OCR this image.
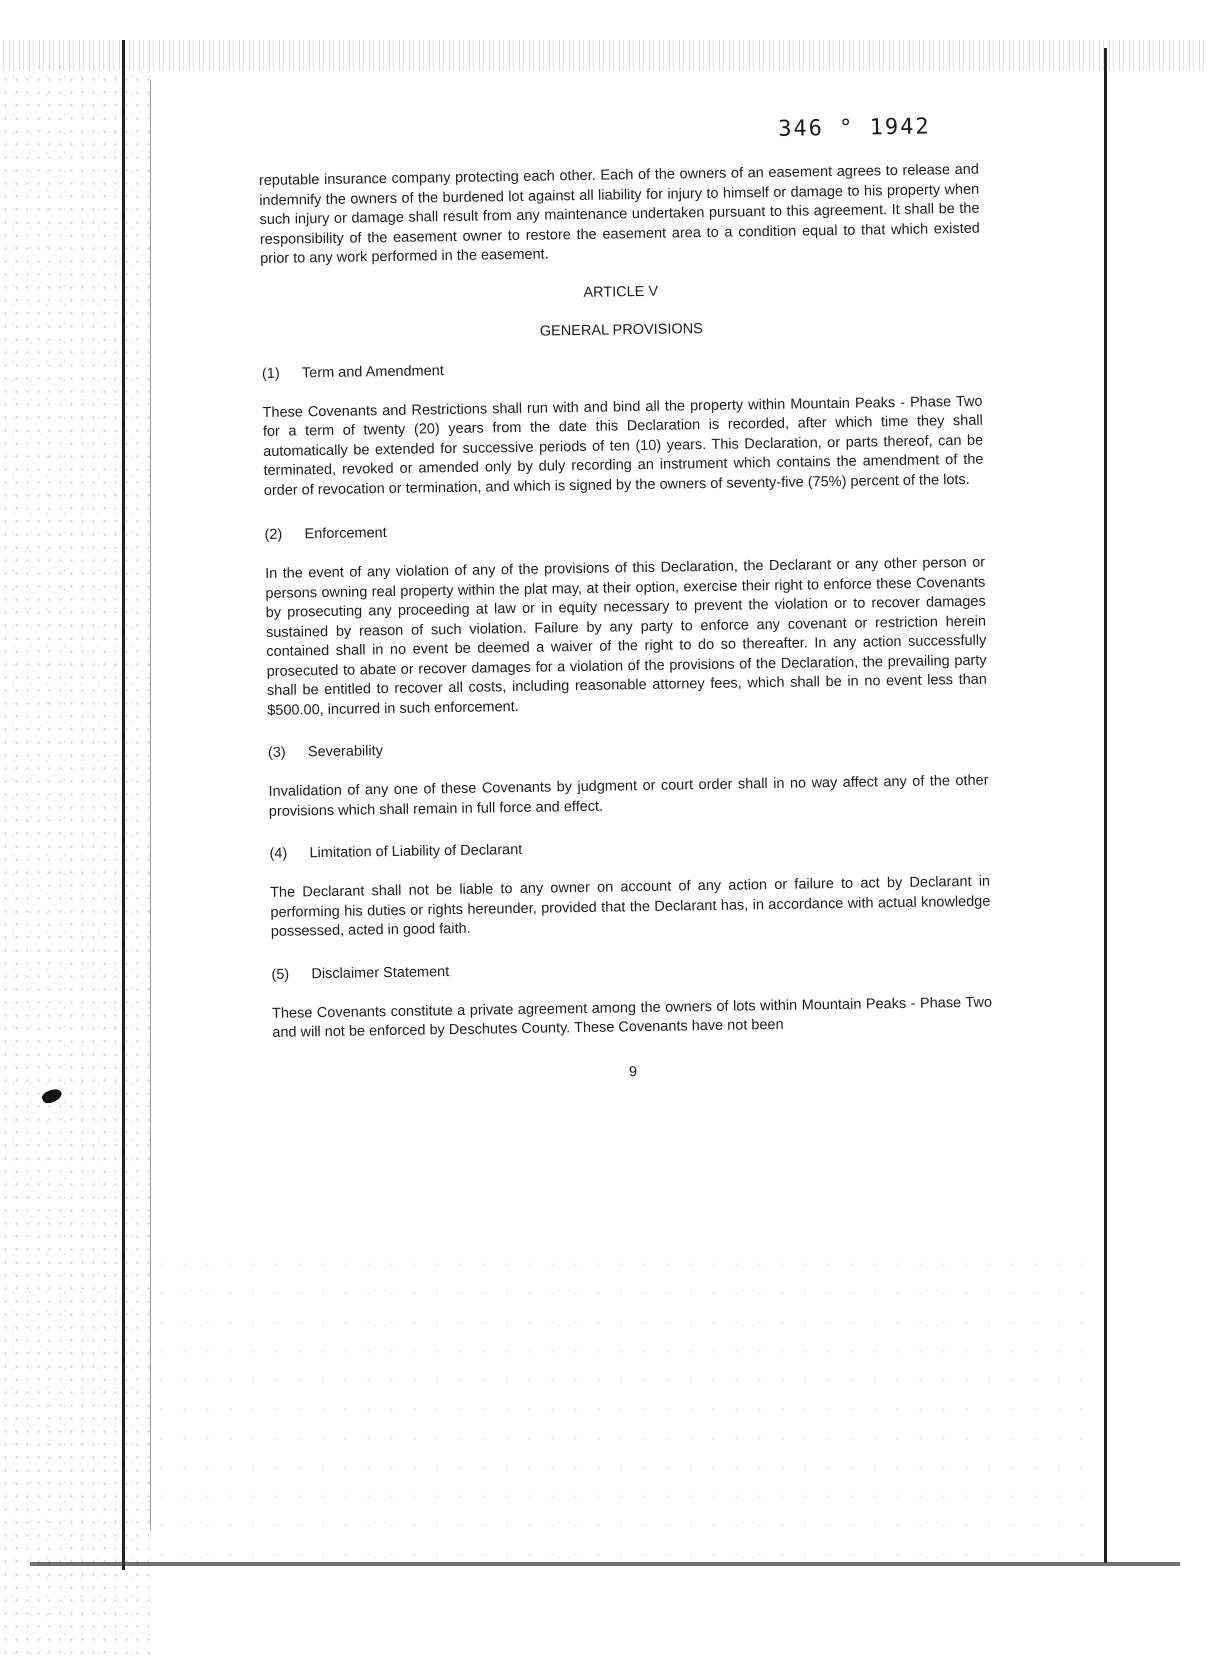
346 ° 1942

reputable insurance company protecting each other. Each of the owners of an easement agrees to release and indemnify the owners of the burdened lot against all liability for injury to himself or damage to his property when such injury or damage shall result from any maintenance undertaken pursuant to this agreement. It shall be the responsibility of the easement owner to restore the easement area to a condition equal to that which existed prior to any work performed in the easement.

ARTICLE V

GENERAL PROVISIONS

(1) Term and Amendment

These Covenants and Restrictions shall run with and bind all the property within Mountain Peaks - Phase Two for a term of twenty (20) years from the date this Declaration is recorded, after which time they shall automatically be extended for successive periods of ten (10) years. This Declaration, or parts thereof, can be terminated, revoked or amended only by duly recording an instrument which contains the amendment of the order of revocation or termination, and which is signed by the owners of seventy-five (75%) percent of the lots.

(2) Enforcement

In the event of any violation of any of the provisions of this Declaration, the Declarant or any other person or persons owning real property within the plat may, at their option, exercise their right to enforce these Covenants by prosecuting any proceeding at law or in equity necessary to prevent the violation or to recover damages sustained by reason of such violation. Failure by any party to enforce any covenant or restriction herein contained shall in no event be deemed a waiver of the right to do so thereafter. In any action successfully prosecuted to abate or recover damages for a violation of the provisions of the Declaration, the prevailing party shall be entitled to recover all costs, including reasonable attorney fees, which shall be in no event less than $500.00, incurred in such enforcement.

(3) Severability

Invalidation of any one of these Covenants by judgment or court order shall in no way affect any of the other provisions which shall remain in full force and effect.

(4) Limitation of Liability of Declarant

The Declarant shall not be liable to any owner on account of any action or failure to act by Declarant in performing his duties or rights hereunder, provided that the Declarant has, in accordance with actual knowledge possessed, acted in good faith.

(5) Disclaimer Statement

These Covenants constitute a private agreement among the owners of lots within Mountain Peaks - Phase Two and will not be enforced by Deschutes County. These Covenants have not been

9
